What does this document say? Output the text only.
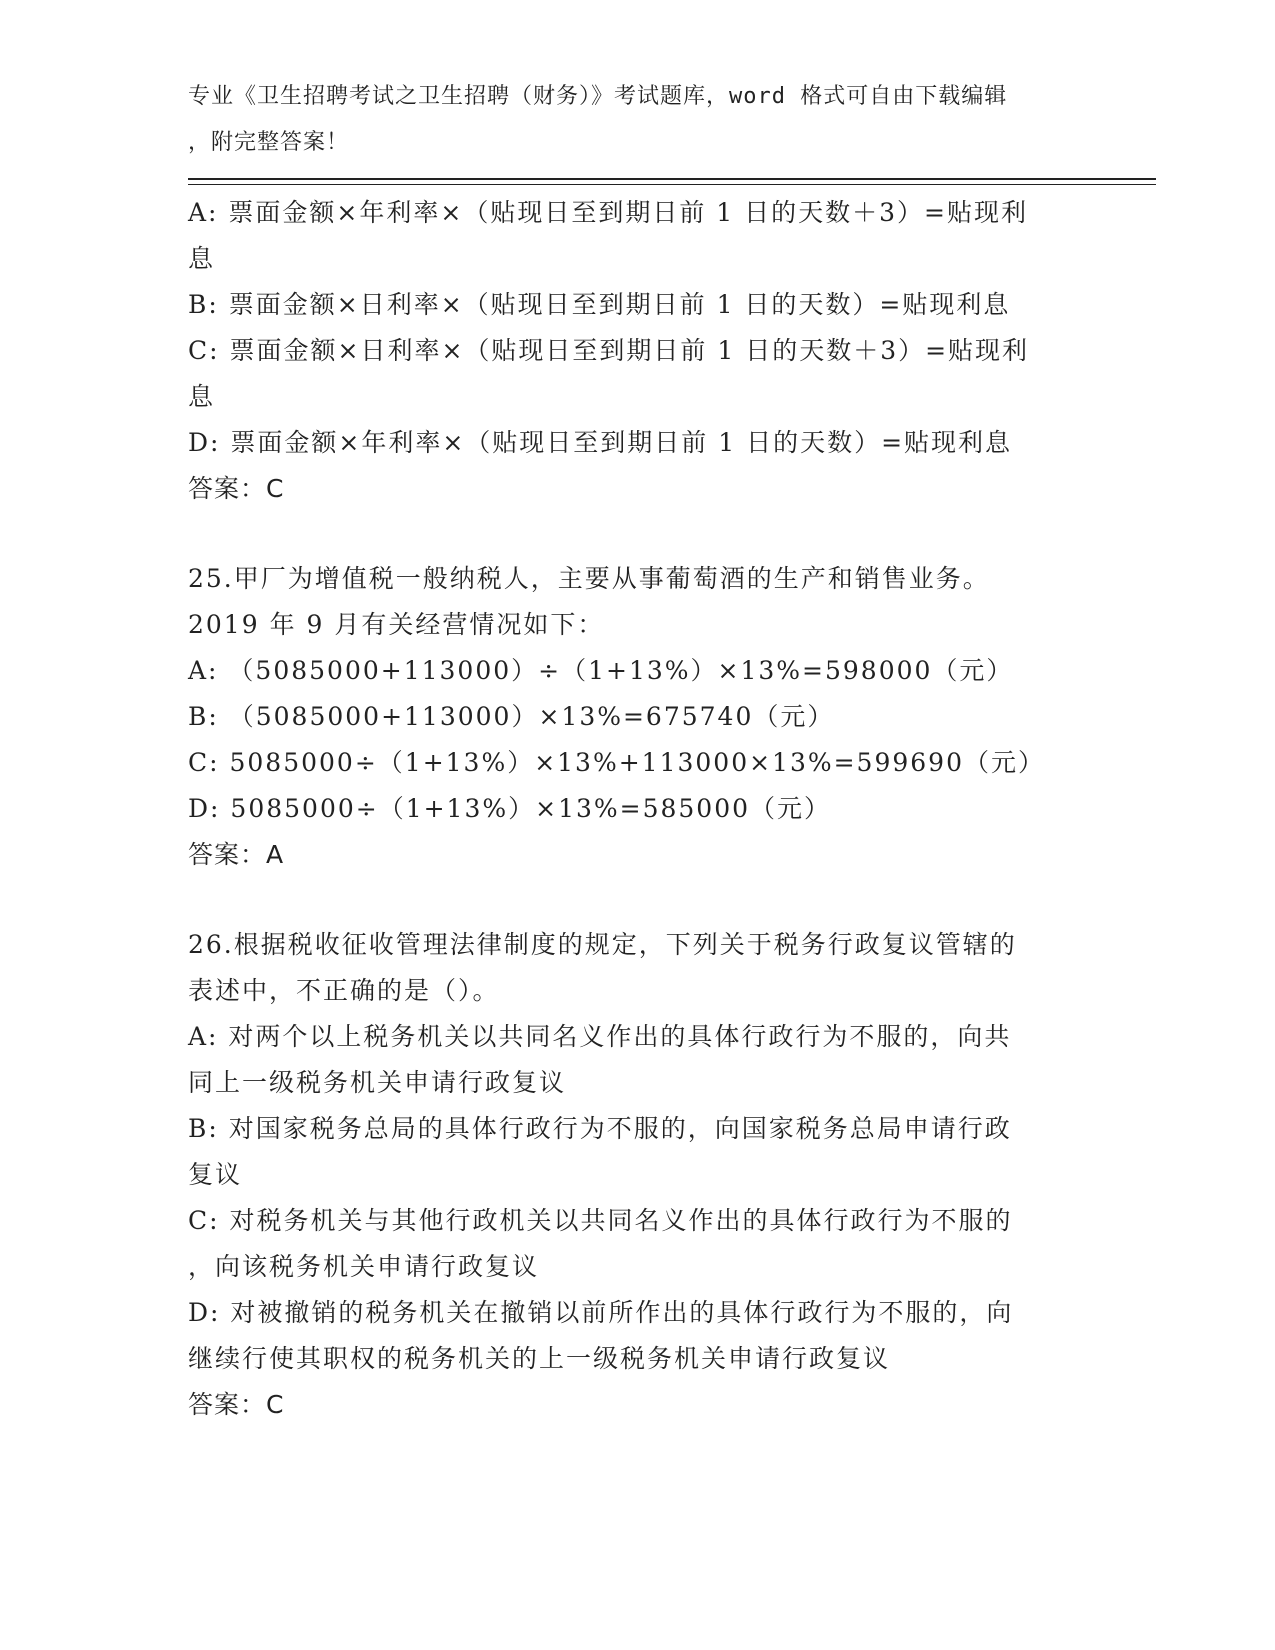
专业《卫生招聘考试之卫生招聘（财务）》考试题库，word 格式可自由下载编辑
，附完整答案！
A: 票面金额×年利率×（贴现日至到期日前 1 日的天数＋3）=贴现利
息
B: 票面金额×日利率×（贴现日至到期日前 1 日的天数）=贴现利息
C: 票面金额×日利率×（贴现日至到期日前 1 日的天数＋3）=贴现利
息
D: 票面金额×年利率×（贴现日至到期日前 1 日的天数）=贴现利息
答案：C
25.甲厂为增值税一般纳税人，主要从事葡萄酒的生产和销售业务。
2019 年 9 月有关经营情况如下：
A: （5085000+113000）÷（1+13%）×13%=598000（元）
B: （5085000+113000）×13%=675740（元）
C: 5085000÷（1+13%）×13%+113000×13%=599690（元）
D: 5085000÷（1+13%）×13%=585000（元）
答案：A
26.根据税收征收管理法律制度的规定，下列关于税务行政复议管辖的
表述中，不正确的是（）。
A: 对两个以上税务机关以共同名义作出的具体行政行为不服的，向共
同上一级税务机关申请行政复议
B: 对国家税务总局的具体行政行为不服的，向国家税务总局申请行政
复议
C: 对税务机关与其他行政机关以共同名义作出的具体行政行为不服的
，向该税务机关申请行政复议
D: 对被撤销的税务机关在撤销以前所作出的具体行政行为不服的，向
继续行使其职权的税务机关的上一级税务机关申请行政复议
答案：C
